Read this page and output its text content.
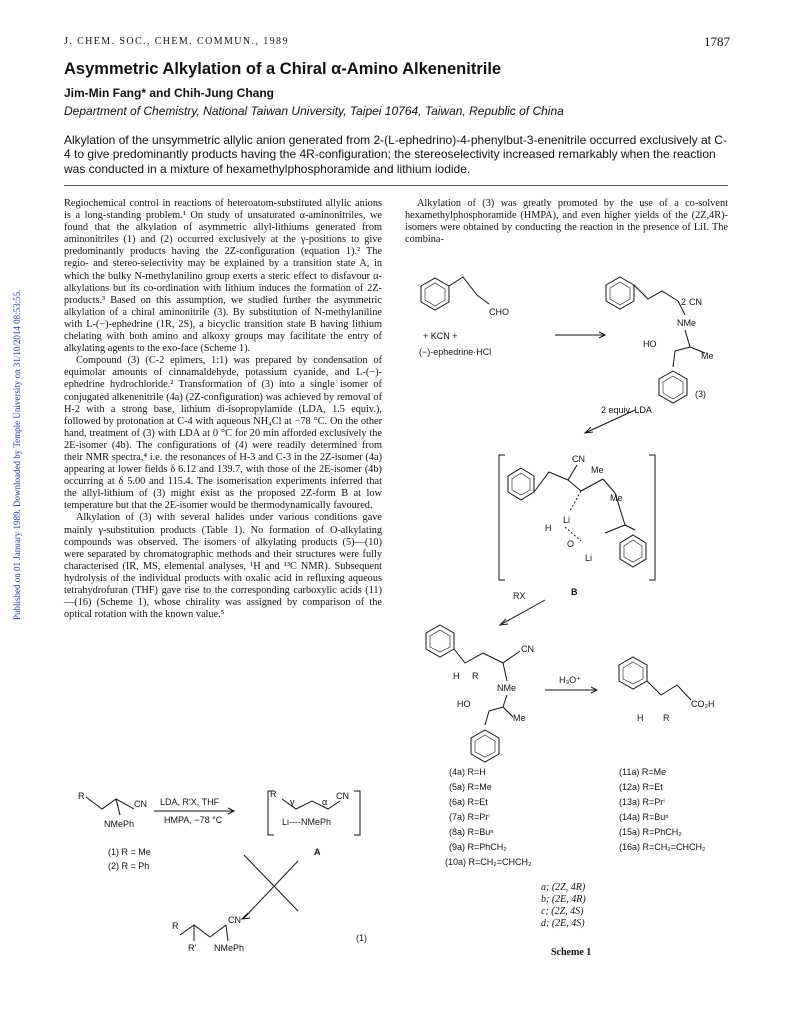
Published on 01 January 1989. Downloaded by Temple University on 31/10/2014 08:53:55.
J. CHEM. SOC., CHEM. COMMUN., 1989	1787
Asymmetric Alkylation of a Chiral α-Amino Alkenenitrile
Jim-Min Fang* and Chih-Jung Chang
Department of Chemistry, National Taiwan University, Taipei 10764, Taiwan, Republic of China
Alkylation of the unsymmetric allylic anion generated from 2-(L-ephedrino)-4-phenylbut-3-enenitrile occurred exclusively at C-4 to give predominantly products having the 4R-configuration; the stereoselectivity increased remarkably when the reaction was conducted in a mixture of hexamethylphosphoramide and lithium iodide.

Regiochemical control in reactions of heteroatom-substituted allylic anions is a long-standing problem.¹ On study of unsaturated α-aminonitriles, we found that the alkylation of asymmetric allyl-lithiums generated from aminonitriles (1) and (2) occurred exclusively at the γ-positions to give predominantly products having the 2Z-configuration (equation 1).² The regio- and stereo-selectivity may be explained by a transition state A, in which the bulky N-methylanilino group exerts a steric effect to disfavour α-alkylations but its co-ordination with lithium induces the formation of 2Z-products.³ Based on this assumption, we studied further the asymmetric alkylation of a chiral aminonitrile (3). By substitution of N-methylaniline with L-(−)-ephedrine (1R, 2S), a bicyclic transition state B having lithium chelating with both amino and alkoxy groups may facilitate the entry of alkylating agents to the exo-face (Scheme 1).

Compound (3) (C-2 epimers, 1:1) was prepared by condensation of equimolar amounts of cinnamaldehyde, potassium cyanide, and L-(−)-ephedrine hydrochloride.² Transformation of (3) into a single isomer of conjugated alkenenitrile (4a) (2Z-configuration) was achieved by removal of H-2 with a strong base, lithium di-isopropylamide (LDA, 1.5 equiv.), followed by protonation at C-4 with aqueous NH₄Cl at −78 °C. On the other hand, treatment of (3) with LDA at 0 °C for 20 min afforded exclusively the 2E-isomer (4b). The configurations of (4) were readily determined from their NMR spectra,⁴ i.e. the resonances of H-3 and C-3 in the 2Z-isomer (4a) appearing at lower fields δ 6.12 and 139.7, with those of the 2E-isomer (4b) occurring at δ 5.00 and 115.4. The isomerisation experiments inferred that the allyl-lithium of (3) might exist as the proposed 2Z-form B at low temperature but that the 2E-isomer would be thermodynamically favoured.

Alkylation of (3) with several halides under various conditions gave mainly γ-substitution products (Table 1). No formation of O-alkylating compounds was observed. The isomers of alkylating products (5)—(10) were separated by chromatographic methods and their structures were fully characterised (IR, MS, elemental analyses, ¹H and ¹³C NMR). Subsequent hydrolysis of the individual products with oxalic acid in refluxing aqueous tetrahydrofuran (THF) gave rise to the corresponding carboxylic acids (11)—(16) (Scheme 1), whose chirality was assigned by comparison of the optical rotation with the known value.⁵

Alkylation of (3) was greatly promoted by the use of a co-solvent hexamethylphosphoramide (HMPA), and even higher yields of the (2Z,4R)-isomers were obtained by conducting the reaction in the presence of LiI. The combina-

CHO
+ KCN +
(−)-ephedrine·HCl
2 CN
NMe
HO
Me
(3)
2 equiv. LDA
CN
Me
Me
H
Li
O
Li
B
RX
CN
H R
NMe
HO
Me
H₃O⁺
CO₂H
H R
(4a) R=H
(5a) R=Me
(6a) R=Et
(7a) R=Prⁱ
(8a) R=Buⁿ
(9a) R=PhCH₂
(10a) R=CH₂=CHCH₂
(11a) R=Me
(12a) R=Et
(13a) R=Prⁱ
(14a) R=Buⁿ
(15a) R=PhCH₂
(16a) R=CH₂=CHCH₂
a; (2Z, 4R)
b; (2E, 4R)
c; (2Z, 4S)
d; (2E, 4S)
Scheme 1
R
CN
NMePh
LDA, R'X, THF
HMPA, −78 °C
R
γ	α
CN
Li----NMePh
A
(1) R = Me
(2) R = Ph
R
CN
R' NMePh
(1)
